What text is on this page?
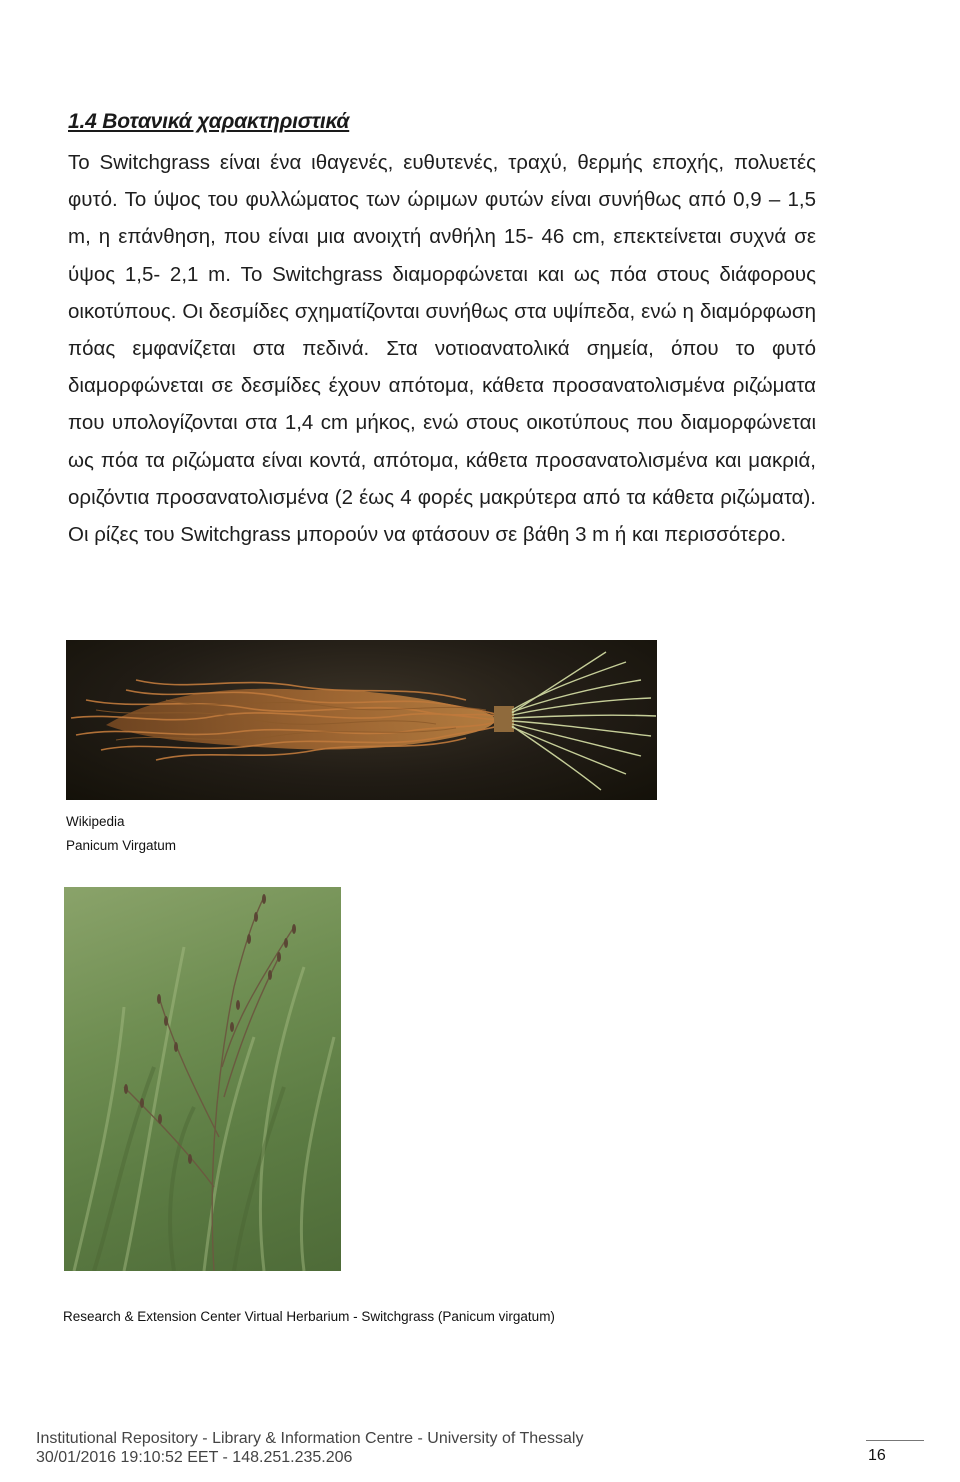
1.4 Βοτανικά χαρακτηριστικά

Το Switchgrass είναι ένα ιθαγενές, ευθυτενές, τραχύ, θερμής εποχής, πολυετές φυτό. Το ύψος του φυλλώματος των ώριμων φυτών είναι συνήθως από 0,9 – 1,5 m, η επάνθηση, που είναι μια ανοιχτή ανθήλη 15- 46 cm, επεκτείνεται συχνά σε ύψος 1,5- 2,1 m. Το Switchgrass διαμορφώνεται και ως πόα στους διάφορους οικοτύπους. Οι δεσμίδες σχηματίζονται συνήθως στα υψίπεδα, ενώ η διαμόρφωση πόας εμφανίζεται στα πεδινά. Στα νοτιοανατολικά σημεία, όπου το φυτό διαμορφώνεται σε δεσμίδες έχουν απότομα, κάθετα προσανατολισμένα ριζώματα που υπολογίζονται στα 1,4 cm μήκος, ενώ στους οικοτύπους που διαμορφώνεται ως πόα τα ριζώματα είναι κοντά, απότομα, κάθετα προσανατολισμένα και μακριά, οριζόντια προσανατολισμένα (2 έως 4 φορές μακρύτερα από τα κάθετα ριζώματα). Οι ρίζες του Switchgrass μπορούν να φτάσουν σε βάθη 3 m ή και περισσότερο.

Wikipedia
Panicum Virgatum
Research & Extension Center Virtual Herbarium - Switchgrass (Panicum virgatum)
Institutional Repository - Library & Information Centre - University of Thessaly
30/01/2016 19:10:52 EET - 148.251.235.206	16
